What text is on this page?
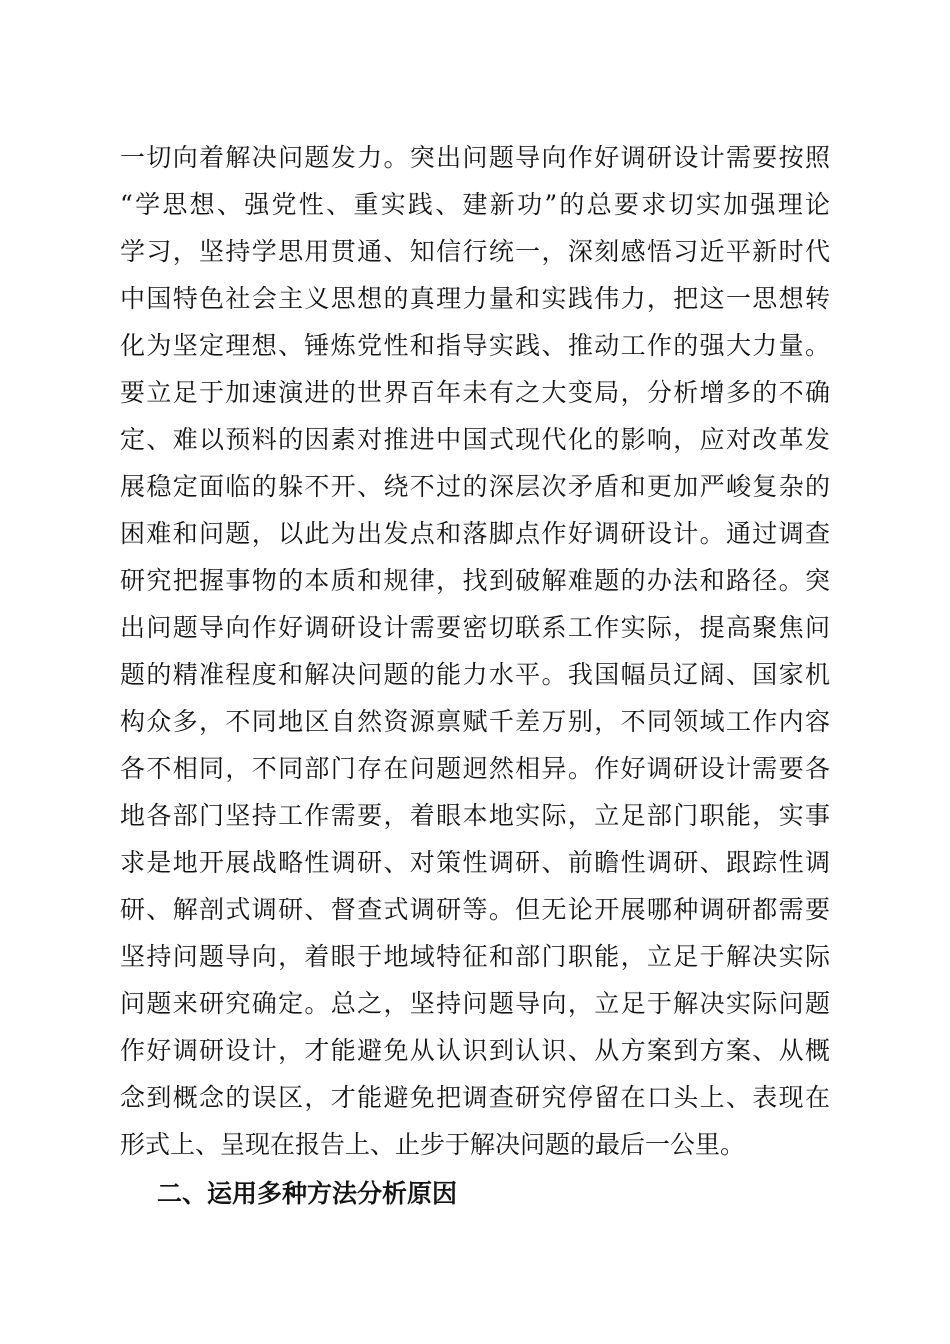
一切向着解决问题发力。突出问题导向作好调研设计需要按照
“学思想、强党性、重实践、建新功”的总要求切实加强理论
学习，坚持学思用贯通、知信行统一，深刻感悟习近平新时代
中国特色社会主义思想的真理力量和实践伟力，把这一思想转
化为坚定理想、锤炼党性和指导实践、推动工作的强大力量。
要立足于加速演进的世界百年未有之大变局，分析增多的不确
定、难以预料的因素对推进中国式现代化的影响，应对改革发
展稳定面临的躲不开、绕不过的深层次矛盾和更加严峻复杂的
困难和问题，以此为出发点和落脚点作好调研设计。通过调查
研究把握事物的本质和规律，找到破解难题的办法和路径。突
出问题导向作好调研设计需要密切联系工作实际，提高聚焦问
题的精准程度和解决问题的能力水平。我国幅员辽阔、国家机
构众多，不同地区自然资源禀赋千差万别，不同领域工作内容
各不相同，不同部门存在问题迥然相异。作好调研设计需要各
地各部门坚持工作需要，着眼本地实际，立足部门职能，实事
求是地开展战略性调研、对策性调研、前瞻性调研、跟踪性调
研、解剖式调研、督查式调研等。但无论开展哪种调研都需要
坚持问题导向，着眼于地域特征和部门职能，立足于解决实际
问题来研究确定。总之，坚持问题导向，立足于解决实际问题
作好调研设计，才能避免从认识到认识、从方案到方案、从概
念到概念的误区，才能避免把调查研究停留在口头上、表现在
形式上、呈现在报告上、止步于解决问题的最后一公里。
二、运用多种方法分析原因
